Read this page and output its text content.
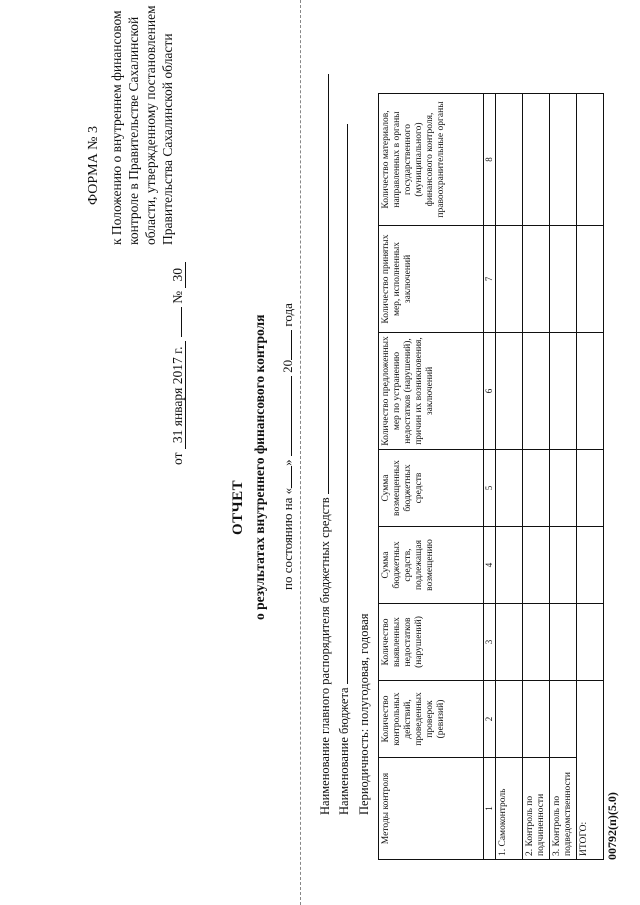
ФОРМА № 3 к Положению о внутреннем финансовом контроле в Правительстве Сахалинской области, утвержденному постановлением Правительства Сахалинской области
от 31 января 2017 г.  № 30
ОТЧЕТ о результатах внутреннего финансового контроля по состоянию на «»  20 года
Наименование главного распорядителя бюджетных средств Наименование бюджета Периодичность: полугодовая, годовая Методы контроля	Количество контрольных действий, проведенных проверок (ревизий)	Количество выявленных недостатков (нарушений)	Сумма бюджетных средств, подлежащая возмещению	Сумма возмещенных бюджетных средств	Количество предложенных мер по устранению недостатков (нарушений), причин их возникновения, заключений	Количество принятых мер, исполненных заключений	Количество материалов, направленных в органы государственного (муниципального) финансового контроля, правоохранительные органы
1	2	3	4	5	6	7	8
1. Самоконтроль							
2. Контроль по подчиненности							
3. Контроль по подведомственности							
ИТОГО:							00792(п)(5.0)
